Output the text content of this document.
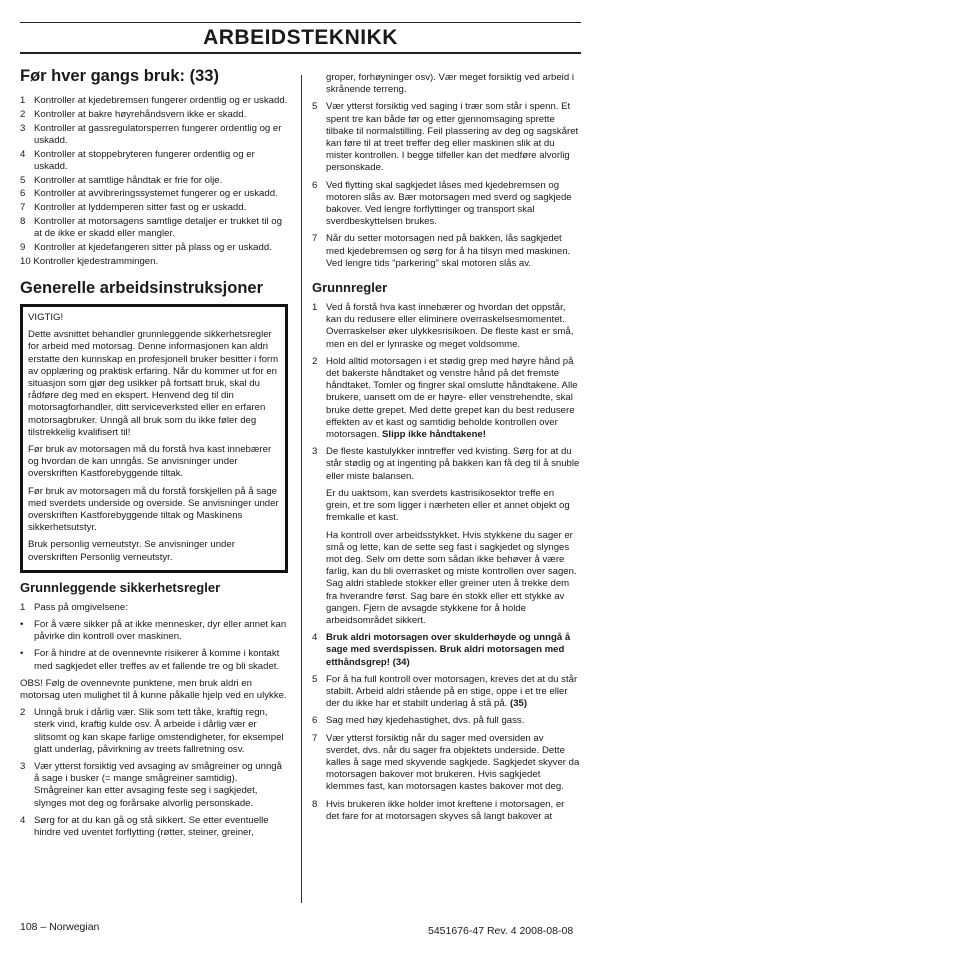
ARBEIDSTEKNIKK
Før hver gangs bruk: (33)
1 Kontroller at kjedebremsen fungerer ordentlig og er uskadd.
2 Kontroller at bakre høyrehåndsvern ikke er skadd.
3 Kontroller at gassregulatorsperren fungerer ordentlig og er uskadd.
4 Kontroller at stoppebryteren fungerer ordentlig og er uskadd.
5 Kontroller at samtlige håndtak er frie for olje.
6 Kontroller at avvibreringssystemet fungerer og er uskadd.
7 Kontroller at lyddemperen sitter fast og er uskadd.
8 Kontroller at motorsagens samtlige detaljer er trukket til og at de ikke er skadd eller mangler.
9 Kontroller at kjedefangeren sitter på plass og er uskadd.
10 Kontroller kjedestrammingen.
Generelle arbeidsinstruksjoner

VIGTIG!

Dette avsnittet behandler grunnleggende sikkerhetsregler for arbeid med motorsag. Denne informasjonen kan aldri erstatte den kunnskap en profesjonell bruker besitter i form av opplæring og praktisk erfaring. Når du kommer ut for en situasjon som gjør deg usikker på fortsatt bruk, skal du rådføre deg med en ekspert. Henvend deg til din motorsagforhandler, ditt serviceverksted eller en erfaren motorsagbruker. Unngå all bruk som du ikke føler deg tilstrekkelig kvalifisert til!

Før bruk av motorsagen må du forstå hva kast innebærer og hvordan de kan unngås. Se anvisninger under overskriften Kastforebyggende tiltak.

Før bruk av motorsagen må du forstå forskjellen på å sage med sverdets underside og overside. Se anvisninger under overskriften Kastforebyggende tiltak og Maskinens sikkerhetsutstyr.

Bruk personlig verneutstyr. Se anvisninger under overskriften Personlig verneutstyr.

Grunnleggende sikkerhetsregler
1 Pass på omgivelsene:
• For å være sikker på at ikke mennesker, dyr eller annet kan påvirke din kontroll over maskinen.
• For å hindre at de ovennevnte risikerer å komme i kontakt med sagkjedet eller treffes av et fallende tre og bli skadet.

OBS! Følg de ovennevnte punktene, men bruk aldri en motorsag uten mulighet til å kunne påkalle hjelp ved en ulykke.

2 Unngå bruk i dårlig vær. Slik som tett tåke, kraftig regn, sterk vind, kraftig kulde osv. Å arbeide i dårlig vær er slitsomt og kan skape farlige omstendigheter, for eksempel glatt underlag, påvirkning av treets fallretning osv.
3 Vær ytterst forsiktig ved avsaging av smågreiner og unngå å sage i busker (= mange smågreiner samtidig). Smågreiner kan etter avsaging feste seg i sagkjedet, slynges mot deg og forårsake alvorlig personskade.
4 Sørg for at du kan gå og stå sikkert. Se etter eventuelle hindre ved uventet forflytting (røtter, steiner, greiner,

groper, forhøyninger osv). Vær meget forsiktig ved arbeid i skrånende terreng.

5 Vær ytterst forsiktig ved saging i trær som står i spenn. Et spent tre kan både før og etter gjennomsaging sprette tilbake til normalstilling. Feil plassering av deg og sagskåret kan føre til at treet treffer deg eller maskinen slik at du mister kontrollen. I begge tilfeller kan det medføre alvorlig personskade.
6 Ved flytting skal sagkjedet låses med kjedebremsen og motoren slås av. Bær motorsagen med sverd og sagkjede bakover. Ved lengre forflyttinger og transport skal sverdbeskyttelsen brukes.
7 Når du setter motorsagen ned på bakken, lås sagkjedet med kjedebremsen og sørg for å ha tilsyn med maskinen. Ved lengre tids "parkering" skal motoren slås av.
Grunnregler
1 Ved å forstå hva kast innebærer og hvordan det oppstår, kan du redusere eller eliminere overraskelsesmomentet. Overraskelser øker ulykkesrisikoen. De fleste kast er små, men en del er lynraske og meget voldsomme.
2 Hold alltid motorsagen i et stødig grep med høyre hånd på det bakerste håndtaket og venstre hånd på det fremste håndtaket. Tomler og fingrer skal omslutte håndtakene. Alle brukere, uansett om de er høyre- eller venstrehendte, skal bruke dette grepet. Med dette grepet kan du best redusere effekten av et kast og samtidig beholde kontrollen over motorsagen. Slipp ikke håndtakene!
3 De fleste kastulykker inntreffer ved kvisting. Sørg for at du står stødig og at ingenting på bakken kan få deg til å snuble eller miste balansen.

Er du uaktsom, kan sverdets kastrisikosektor treffe en grein, et tre som ligger i nærheten eller et annet objekt og fremkalle et kast.

Ha kontroll over arbeidsstykket. Hvis stykkene du sager er små og lette, kan de sette seg fast i sagkjedet og slynges mot deg. Selv om dette som sådan ikke behøver å være farlig, kan du bli overrasket og miste kontrollen over sagen. Sag aldri stablede stokker eller greiner uten å trekke dem fra hverandre først. Sag bare én stokk eller ett stykke av gangen. Fjern de avsagde stykkene for å holde arbeidsområdet sikkert.

4 Bruk aldri motorsagen over skulderhøyde og unngå å sage med sverdspissen. Bruk aldri motorsagen med etthåndsgrep! (34)
5 For å ha full kontroll over motorsagen, kreves det at du står stabilt. Arbeid aldri stående på en stige, oppe i et tre eller der du ikke har et stabilt underlag å stå på. (35)
6 Sag med høy kjedehastighet, dvs. på full gass.
7 Vær ytterst forsiktig når du sager med oversiden av sverdet, dvs. når du sager fra objektets underside. Dette kalles å sage med skyvende sagkjede. Sagkjedet skyver da motorsagen bakover mot brukeren. Hvis sagkjedet klemmes fast, kan motorsagen kastes bakover mot deg.
8 Hvis brukeren ikke holder imot kreftene i motorsagen, er det fare for at motorsagen skyves så langt bakover at
108 – Norwegian	5451676-47 Rev. 4 2008-08-08
